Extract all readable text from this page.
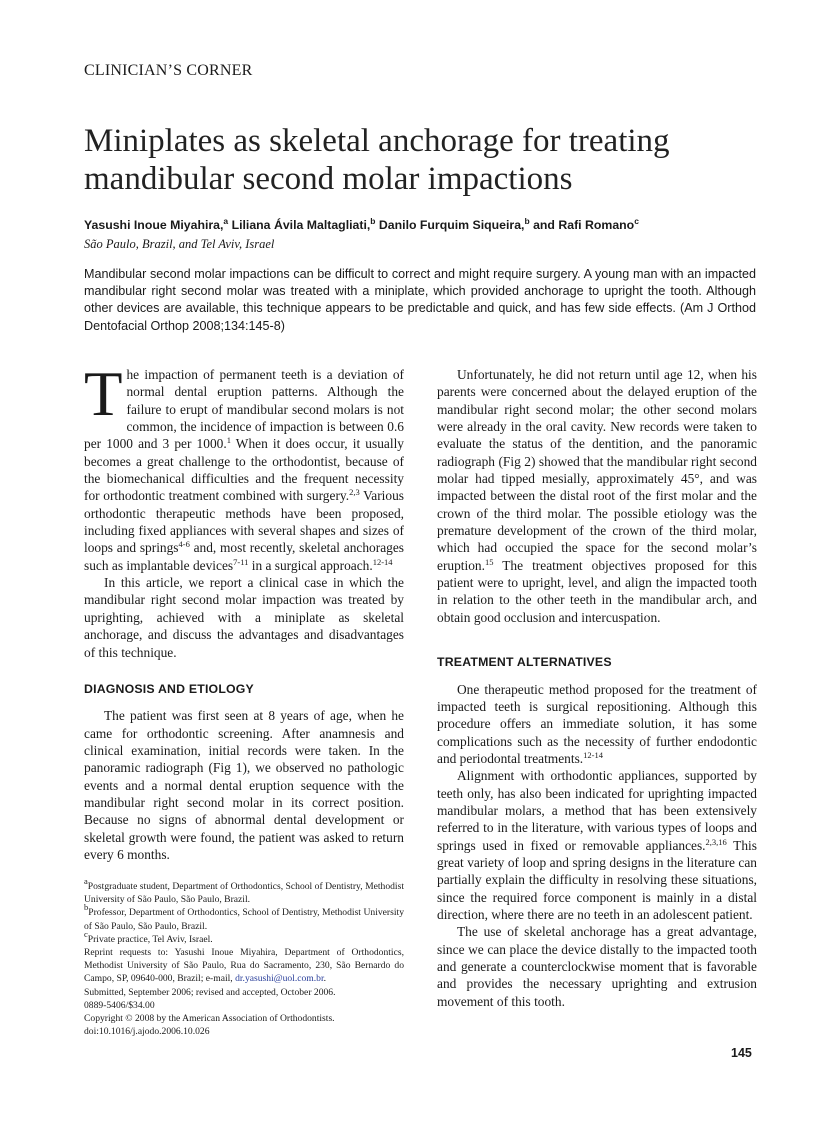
CLINICIAN’S CORNER
Miniplates as skeletal anchorage for treating mandibular second molar impactions
Yasushi Inoue Miyahira,$^a$ Liliana Ávila Maltagliati,$^b$ Danilo Furquim Siqueira,$^b$ and Rafi Romano$^c$
São Paulo, Brazil, and Tel Aviv, Israel

Mandibular second molar impactions can be difficult to correct and might require surgery. A young man with an impacted mandibular right second molar was treated with a miniplate, which provided anchorage to upright the tooth. Although other devices are available, this technique appears to be predictable and quick, and has few side effects. (Am J Orthod Dentofacial Orthop 2008;134:145-8)

The impaction of permanent teeth is a deviation of normal dental eruption patterns. Although the failure to erupt of mandibular second molars is not common, the incidence of impaction is between 0.6 per 1000 and 3 per 1000.$^1$ When it does occur, it usually becomes a great challenge to the orthodontist, because of the biomechanical difficulties and the frequent necessity for orthodontic treatment combined with surgery.$^{2,3}$ Various orthodontic therapeutic methods have been proposed, including fixed appliances with several shapes and sizes of loops and springs$^{4-6}$ and, most recently, skeletal anchorages such as implantable devices$^{7-11}$ in a surgical approach.$^{12-14}$

In this article, we report a clinical case in which the mandibular right second molar impaction was treated by uprighting, achieved with a miniplate as skeletal anchorage, and discuss the advantages and disadvantages of this technique.

DIAGNOSIS AND ETIOLOGY

The patient was first seen at 8 years of age, when he came for orthodontic screening. After anamnesis and clinical examination, initial records were taken. In the panoramic radiograph (Fig 1), we observed no pathologic events and a normal dental eruption sequence with the mandibular right second molar in its correct position. Because no signs of abnormal dental development or skeletal growth were found, the patient was asked to return every 6 months.

$^a$Postgraduate student, Department of Orthodontics, School of Dentistry, Methodist University of São Paulo, São Paulo, Brazil.
$^b$Professor, Department of Orthodontics, School of Dentistry, Methodist University of São Paulo, São Paulo, Brazil.
$^c$Private practice, Tel Aviv, Israel.
Reprint requests to: Yasushi Inoue Miyahira, Department of Orthodontics, Methodist University of São Paulo, Rua do Sacramento, 230, São Bernardo do Campo, SP, 09640-000, Brazil; e-mail, dr.yasushi@uol.com.br.
Submitted, September 2006; revised and accepted, October 2006.
0889-5406/$34.00
Copyright © 2008 by the American Association of Orthodontists.
doi:10.1016/j.ajodo.2006.10.026

Unfortunately, he did not return until age 12, when his parents were concerned about the delayed eruption of the mandibular right second molar; the other second molars were already in the oral cavity. New records were taken to evaluate the status of the dentition, and the panoramic radiograph (Fig 2) showed that the mandibular right second molar had tipped mesially, approximately 45°, and was impacted between the distal root of the first molar and the crown of the third molar. The possible etiology was the premature development of the crown of the third molar, which had occupied the space for the second molar’s eruption.$^{15}$ The treatment objectives proposed for this patient were to upright, level, and align the impacted tooth in relation to the other teeth in the mandibular arch, and obtain good occlusion and intercuspation.

TREATMENT ALTERNATIVES

One therapeutic method proposed for the treatment of impacted teeth is surgical repositioning. Although this procedure offers an immediate solution, it has some complications such as the necessity of further endodontic and periodontal treatments.$^{12-14}$

Alignment with orthodontic appliances, supported by teeth only, has also been indicated for uprighting impacted mandibular molars, a method that has been extensively referred to in the literature, with various types of loops and springs used in fixed or removable appliances.$^{2,3,16}$ This great variety of loop and spring designs in the literature can partially explain the difficulty in resolving these situations, since the required force component is mainly in a distal direction, where there are no teeth in an adolescent patient.

The use of skeletal anchorage has a great advantage, since we can place the device distally to the impacted tooth and generate a counterclockwise moment that is favorable and provides the necessary uprighting and extrusion movement of this tooth.

145
